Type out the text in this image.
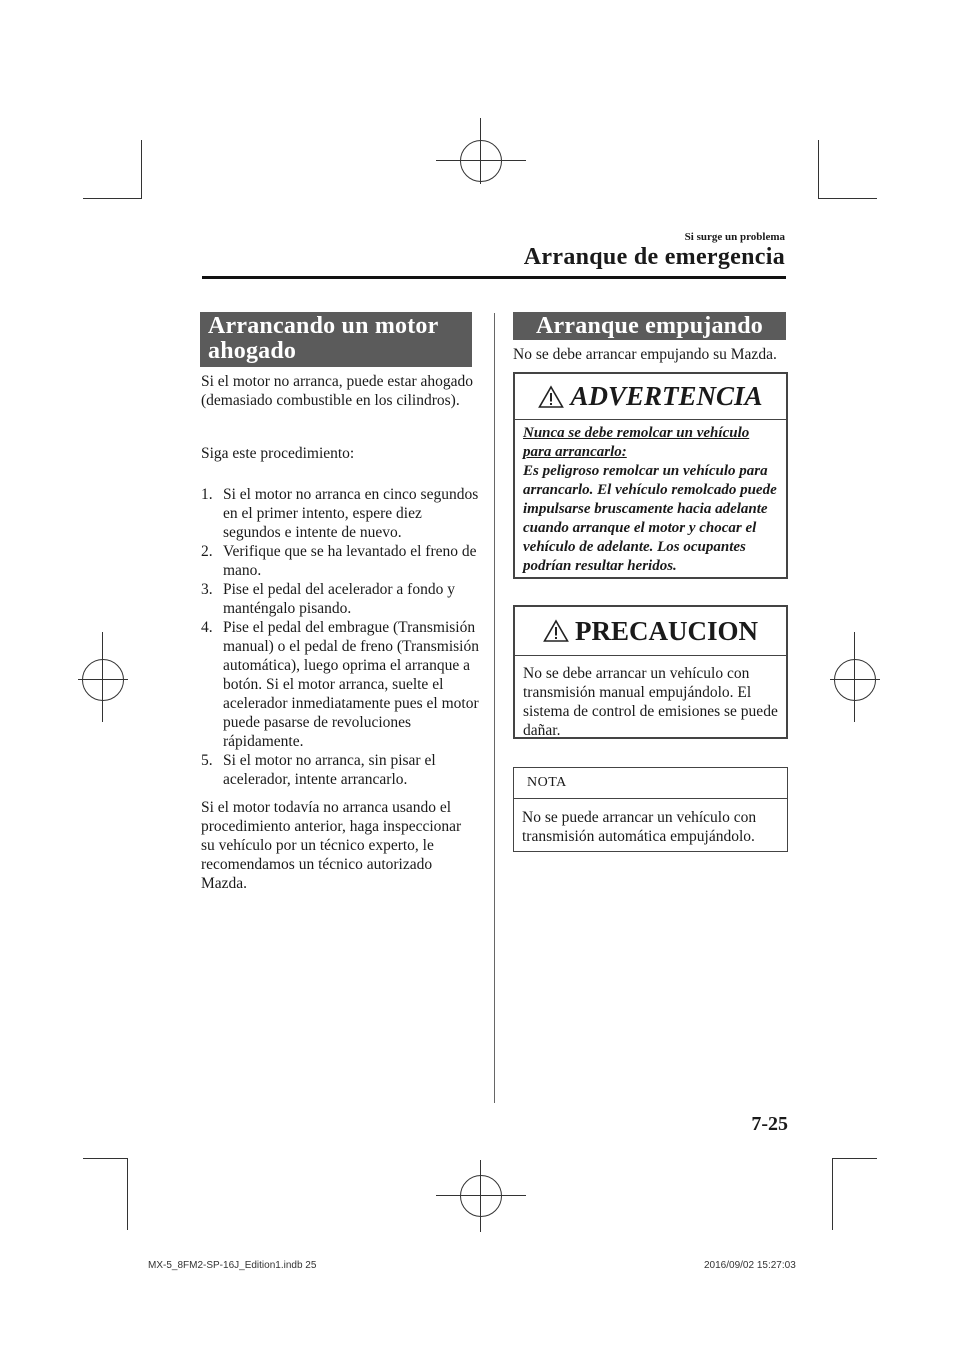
Si surge un problema
Arranque de emergencia
Arrancando un motor ahogado
Si el motor no arranca, puede estar ahogado (demasiado combustible en los cilindros).
Siga este procedimiento:
1. Si el motor no arranca en cinco segundos en el primer intento, espere diez segundos e intente de nuevo.
2. Verifique que se ha levantado el freno de mano.
3. Pise el pedal del acelerador a fondo y manténgalo pisando.
4. Pise el pedal del embrague (Transmisión manual) o el pedal de freno (Transmisión automática), luego oprima el arranque a botón. Si el motor arranca, suelte el acelerador inmediatamente pues el motor puede pasarse de revoluciones rápidamente.
5. Si el motor no arranca, sin pisar el acelerador, intente arrancarlo.
Si el motor todavía no arranca usando el procedimiento anterior, haga inspeccionar su vehículo por un técnico experto, le recomendamos un técnico autorizado Mazda.
Arranque empujando
No se debe arrancar empujando su Mazda.
ADVERTENCIA
Nunca se debe remolcar un vehículo para arrancarlo:
Es peligroso remolcar un vehículo para arrancarlo. El vehículo remolcado puede impulsarse bruscamente hacia adelante cuando arranque el motor y chocar el vehículo de adelante. Los ocupantes podrían resultar heridos.
PRECAUCION
No se debe arrancar un vehículo con transmisión manual empujándolo. El sistema de control de emisiones se puede dañar.
NOTA
No se puede arrancar un vehículo con transmisión automática empujándolo.
7-25
MX-5_8FM2-SP-16J_Edition1.indb 25	2016/09/02 15:27:03
